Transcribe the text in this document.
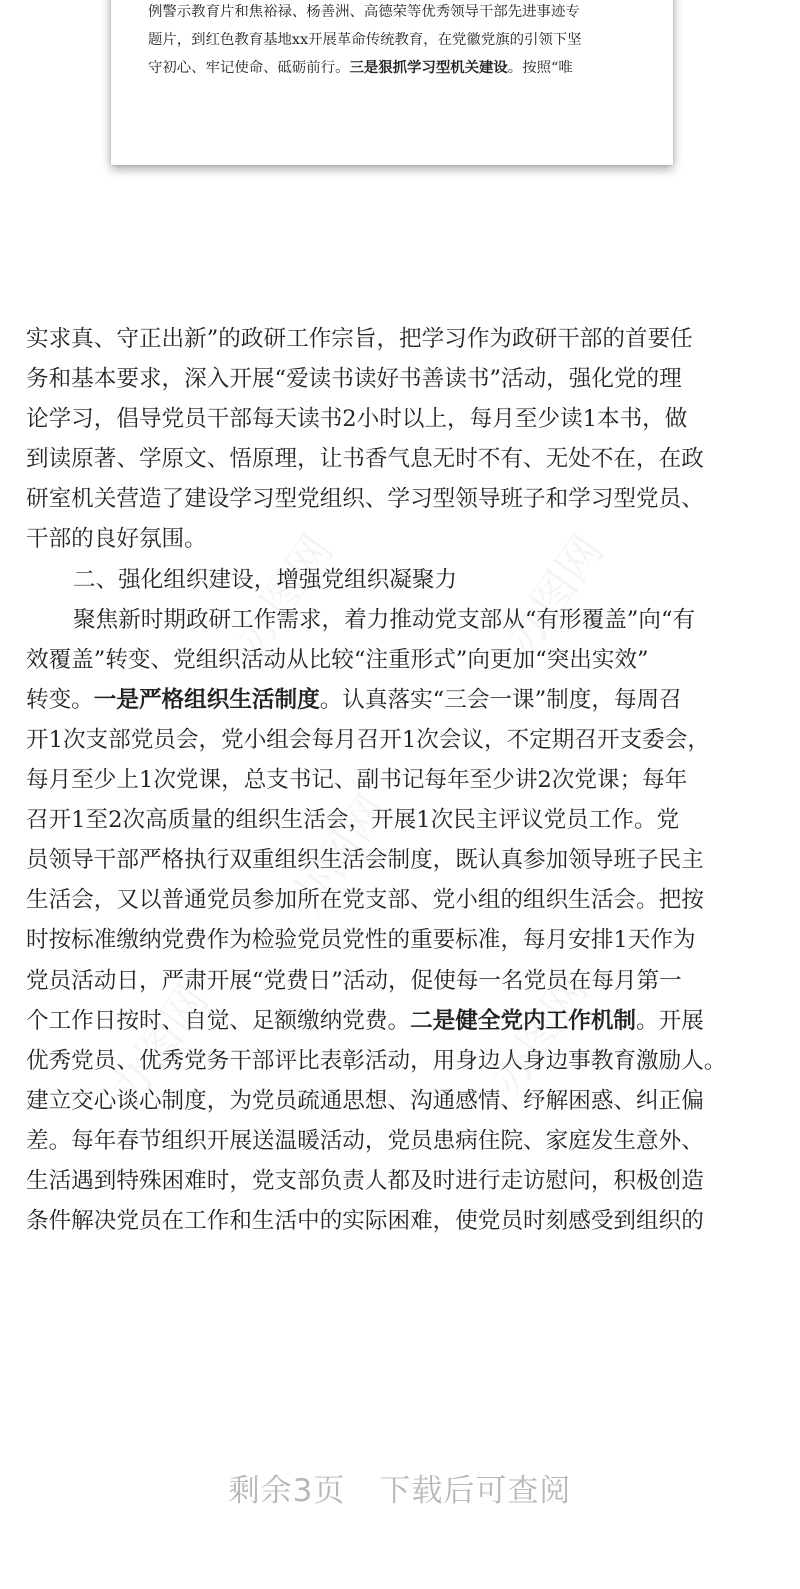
例警示教育片和焦裕禄、杨善洲、高德荣等优秀领导干部先进事迹专
题片，到红色教育基地xx开展革命传统教育，在党徽党旗的引领下坚
守初心、牢记使命、砥砺前行。三是狠抓学习型机关建设。按照“唯
实求真、守正出新”的政研工作宗旨，把学习作为政研干部的首要任
务和基本要求，深入开展“爱读书读好书善读书”活动，强化党的理
论学习，倡导党员干部每天读书2小时以上，每月至少读1本书，做
到读原著、学原文、悟原理，让书香气息无时不有、无处不在，在政
研室机关营造了建设学习型党组织、学习型领导班子和学习型党员、
干部的良好氛围。
二、强化组织建设，增强党组织凝聚力
聚焦新时期政研工作需求，着力推动党支部从“有形覆盖”向“有
效覆盖”转变、党组织活动从比较“注重形式”向更加“突出实效”
转变。一是严格组织生活制度。认真落实“三会一课”制度，每周召
开1次支部党员会，党小组会每月召开1次会议，不定期召开支委会，
每月至少上1次党课，总支书记、副书记每年至少讲2次党课；每年
召开1至2次高质量的组织生活会，开展1次民主评议党员工作。党
员领导干部严格执行双重组织生活会制度，既认真参加领导班子民主
生活会，又以普通党员参加所在党支部、党小组的组织生活会。把按
时按标准缴纳党费作为检验党员党性的重要标准，每月安排1天作为
党员活动日，严肃开展“党费日”活动，促使每一名党员在每月第一
个工作日按时、自觉、足额缴纳党费。二是健全党内工作机制。开展
优秀党员、优秀党务干部评比表彰活动，用身边人身边事教育激励人。
建立交心谈心制度，为党员疏通思想、沟通感情、纾解困惑、纠正偏
差。每年春节组织开展送温暖活动，党员患病住院、家庭发生意外、
生活遇到特殊困难时，党支部负责人都及时进行走访慰问，积极创造
条件解决党员在工作和生活中的实际困难，使党员时刻感受到组织的
剩余3页 下载后可查阅
